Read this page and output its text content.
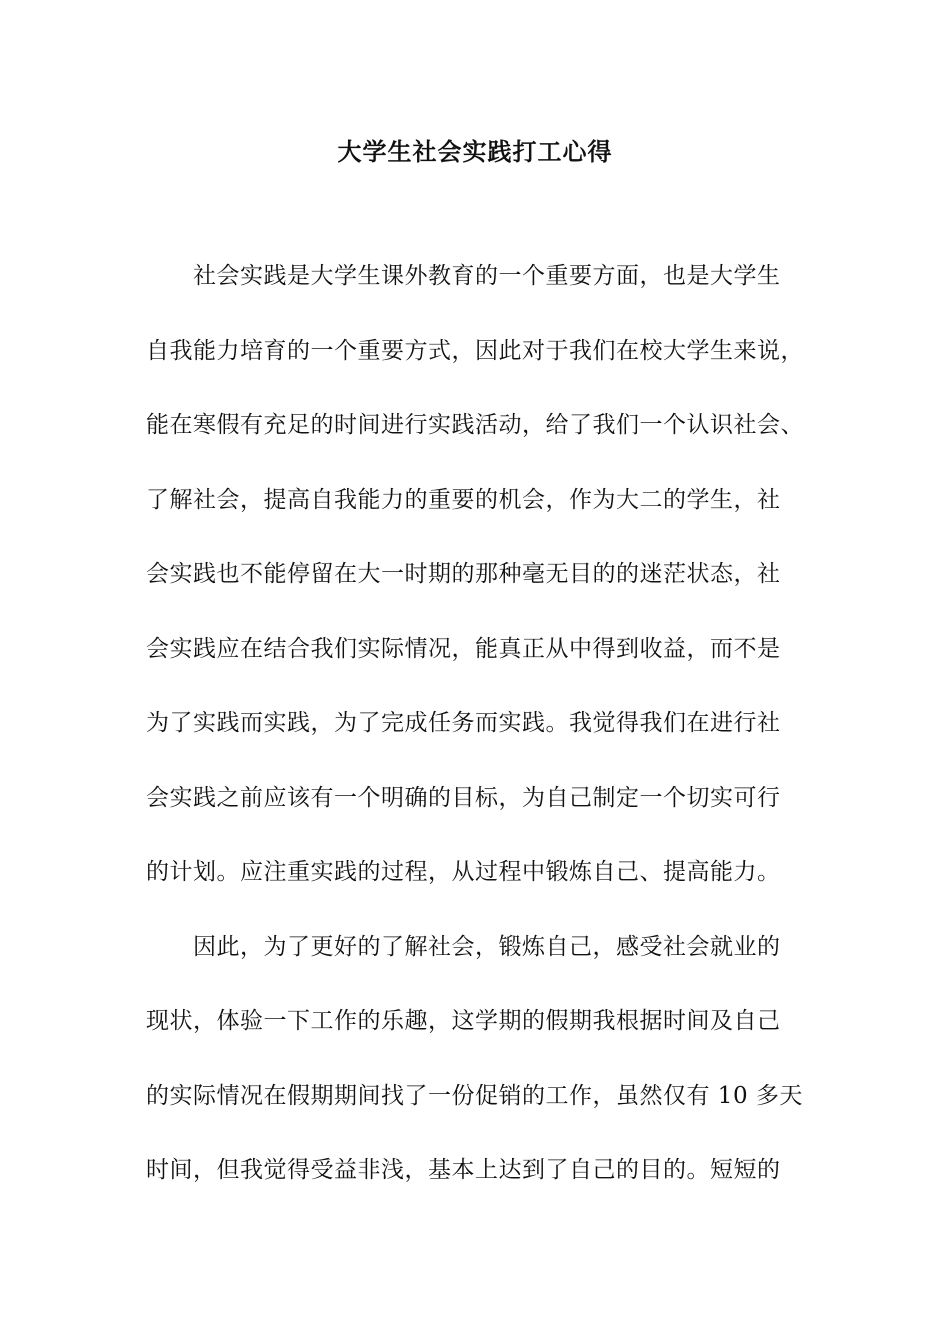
大学生社会实践打工心得
社会实践是大学生课外教育的一个重要方面，也是大学生
自我能力培育的一个重要方式，因此对于我们在校大学生来说，
能在寒假有充足的时间进行实践活动，给了我们一个认识社会、
了解社会，提高自我能力的重要的机会，作为大二的学生，社
会实践也不能停留在大一时期的那种毫无目的的迷茫状态，社
会实践应在结合我们实际情况，能真正从中得到收益，而不是
为了实践而实践，为了完成任务而实践。我觉得我们在进行社
会实践之前应该有一个明确的目标，为自己制定一个切实可行
的计划。应注重实践的过程，从过程中锻炼自己、提高能力。
因此，为了更好的了解社会，锻炼自己，感受社会就业的
现状，体验一下工作的乐趣，这学期的假期我根据时间及自己
的实际情况在假期期间找了一份促销的工作，虽然仅有 10 多天
时间，但我觉得受益非浅，基本上达到了自己的目的。短短的
